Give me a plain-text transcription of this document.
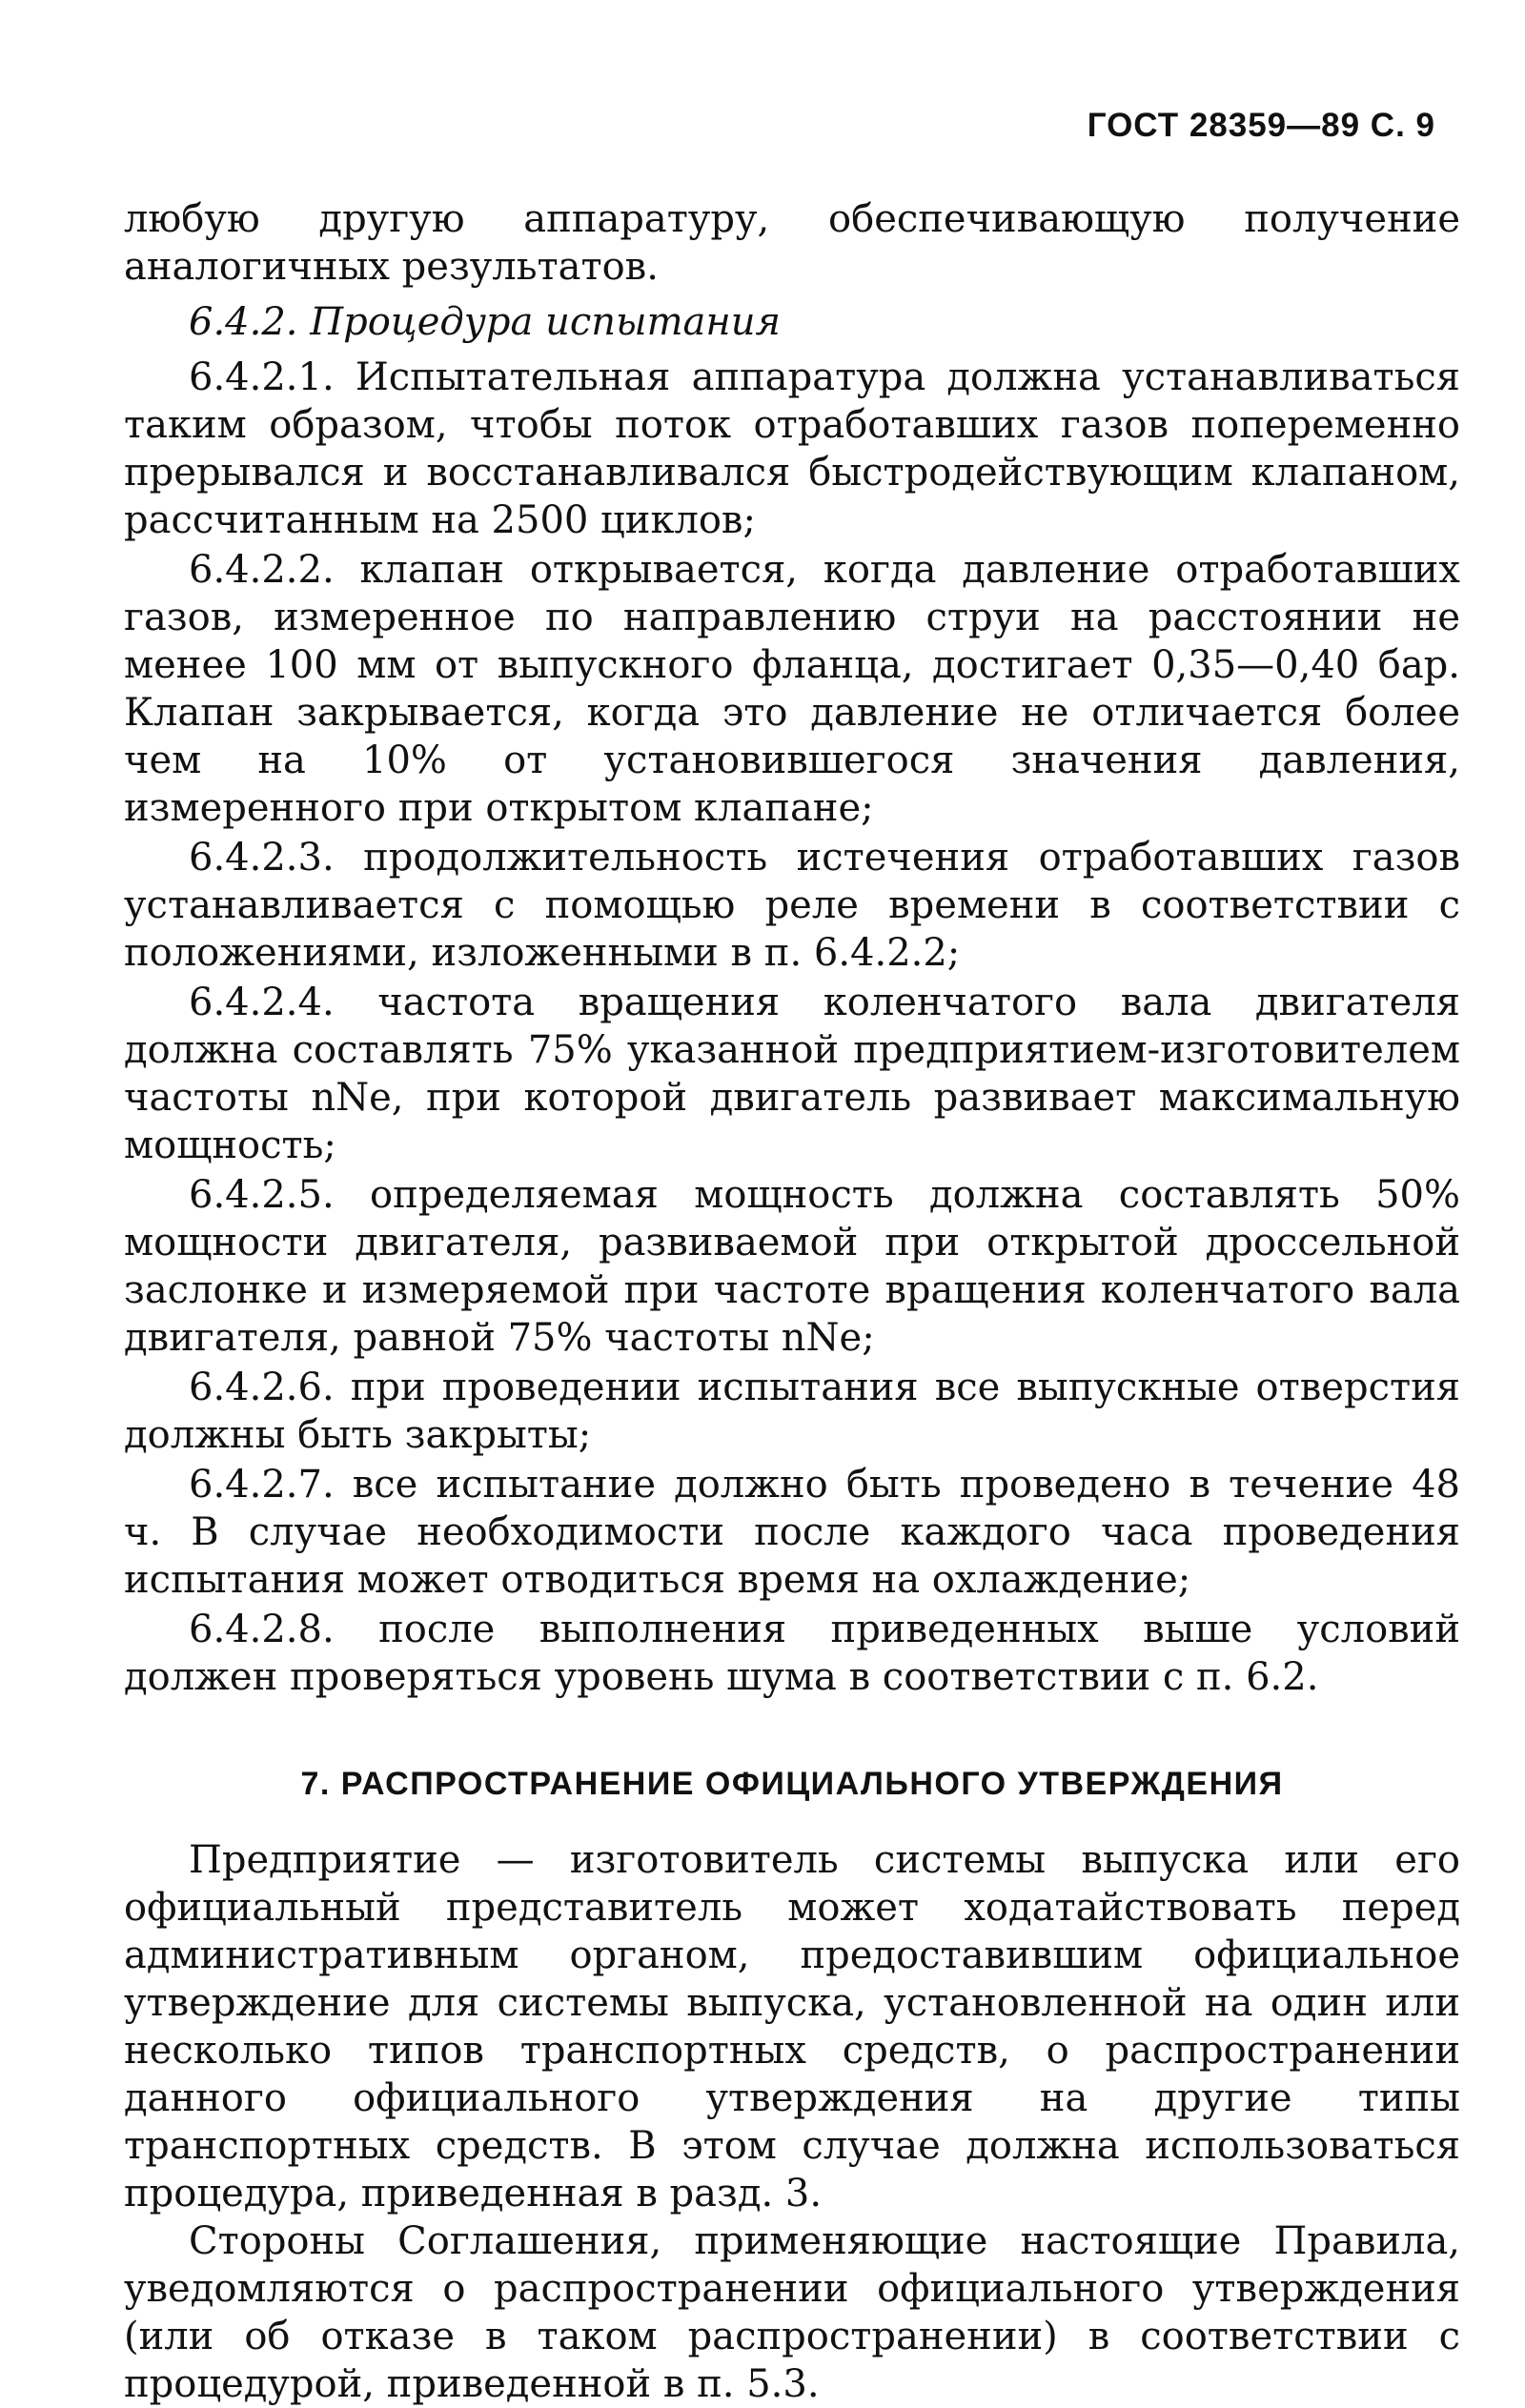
ГОСТ 28359—89 С. 9

любую другую аппаратуру, обеспечивающую получение аналогичных результатов.

6.4.2. Процедура испытания

6.4.2.1. Испытательная аппаратура должна устанавливаться таким образом, чтобы поток отработавших газов попеременно прерывался и восстанавливался быстродействующим клапаном, рассчитанным на 2500 циклов;

6.4.2.2. клапан открывается, когда давление отработавших газов, измеренное по направлению струи на расстоянии не менее 100 мм от выпускного фланца, достигает 0,35—0,40 бар. Клапан закрывается, когда это давление не отличается более чем на 10% от установившегося значения давления, измеренного при открытом клапане;

6.4.2.3. продолжительность истечения отработавших газов устанавливается с помощью реле времени в соответствии с положениями, изложенными в п. 6.4.2.2;

6.4.2.4. частота вращения коленчатого вала двигателя должна составлять 75% указанной предприятием-изготовителем частоты nNe, при которой двигатель развивает максимальную мощность;

6.4.2.5. определяемая мощность должна составлять 50% мощности двигателя, развиваемой при открытой дроссельной заслонке и измеряемой при частоте вращения коленчатого вала двигателя, равной 75% частоты nNe;

6.4.2.6. при проведении испытания все выпускные отверстия должны быть закрыты;

6.4.2.7. все испытание должно быть проведено в течение 48 ч. В случае необходимости после каждого часа проведения испытания может отводиться время на охлаждение;

6.4.2.8. после выполнения приведенных выше условий должен проверяться уровень шума в соответствии с п. 6.2.

7. РАСПРОСТРАНЕНИЕ ОФИЦИАЛЬНОГО УТВЕРЖДЕНИЯ

Предприятие — изготовитель системы выпуска или его официальный представитель может ходатайствовать перед административным органом, предоставившим официальное утверждение для системы выпуска, установленной на один или несколько типов транспортных средств, о распространении данного официального утверждения на другие типы транспортных средств. В этом случае должна использоваться процедура, приведенная в разд. 3.

Стороны Соглашения, применяющие настоящие Правила, уведомляются о распространении официального утверждения (или об отказе в таком распространении) в соответствии с процедурой, приведенной в п. 5.3.
